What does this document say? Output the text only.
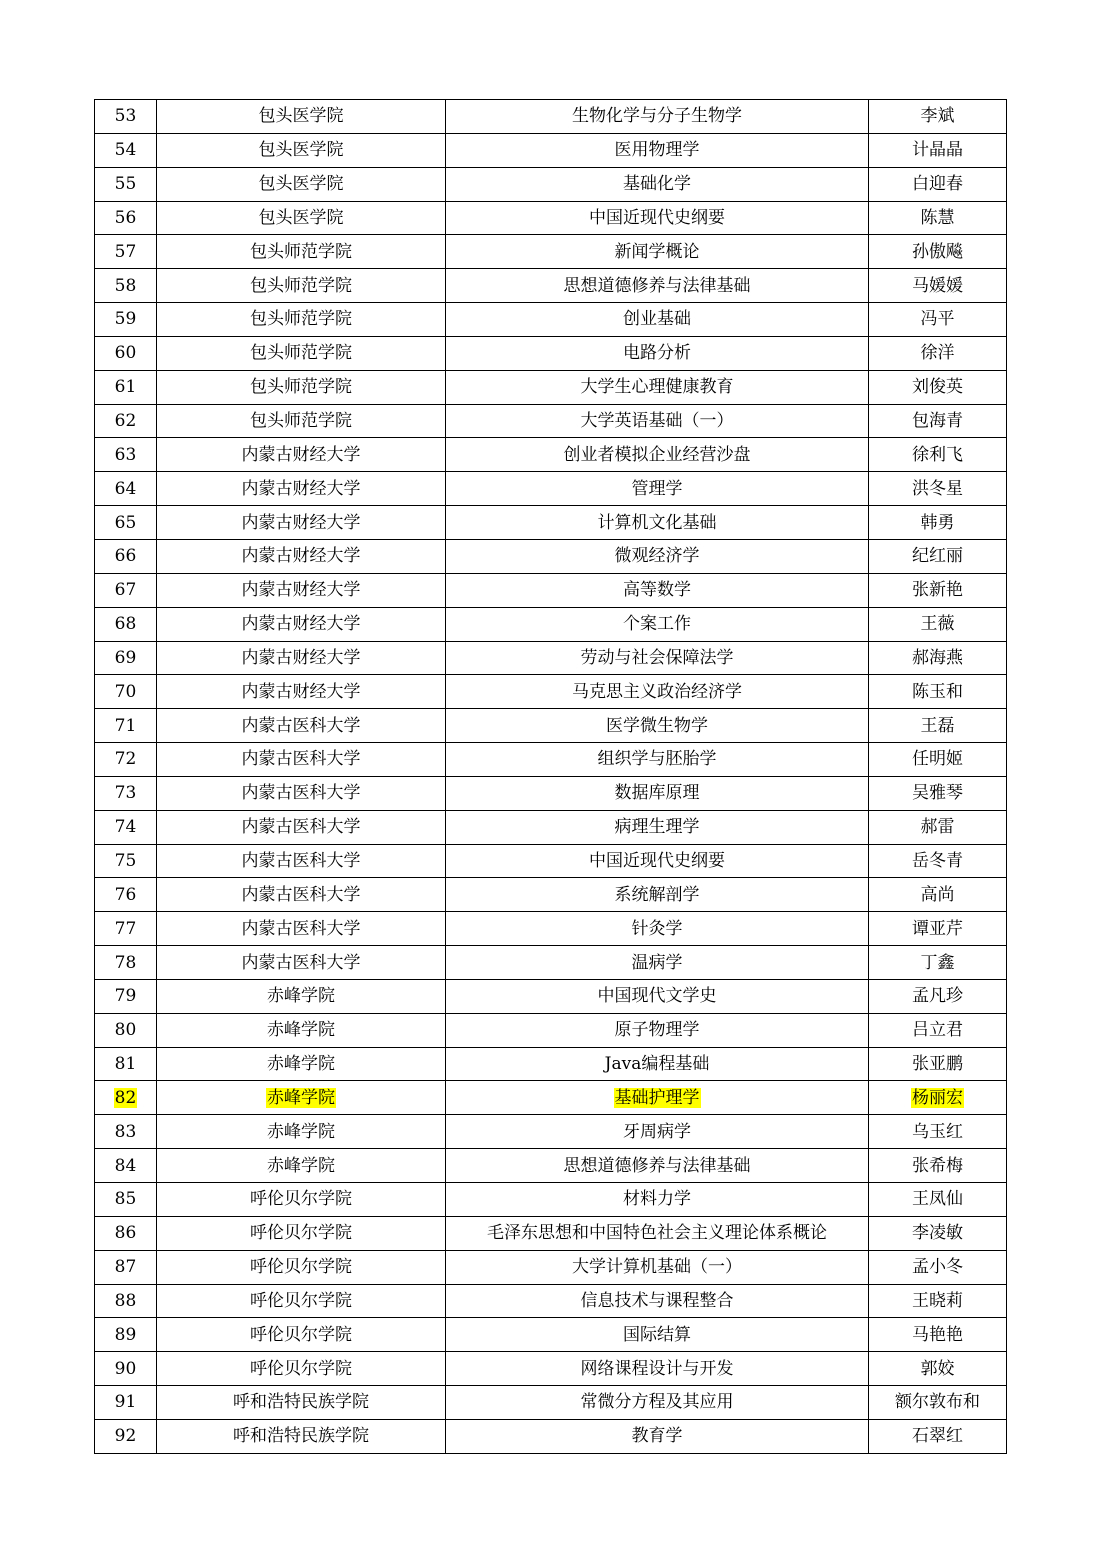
53	包头医学院	生物化学与分子生物学	李斌
54	包头医学院	医用物理学	计晶晶
55	包头医学院	基础化学	白迎春
56	包头医学院	中国近现代史纲要	陈慧
57	包头师范学院	新闻学概论	孙傲飚
58	包头师范学院	思想道德修养与法律基础	马媛媛
59	包头师范学院	创业基础	冯平
60	包头师范学院	电路分析	徐洋
61	包头师范学院	大学生心理健康教育	刘俊英
62	包头师范学院	大学英语基础（一）	包海青
63	内蒙古财经大学	创业者模拟企业经营沙盘	徐利飞
64	内蒙古财经大学	管理学	洪冬星
65	内蒙古财经大学	计算机文化基础	韩勇
66	内蒙古财经大学	微观经济学	纪红丽
67	内蒙古财经大学	高等数学	张新艳
68	内蒙古财经大学	个案工作	王薇
69	内蒙古财经大学	劳动与社会保障法学	郝海燕
70	内蒙古财经大学	马克思主义政治经济学	陈玉和
71	内蒙古医科大学	医学微生物学	王磊
72	内蒙古医科大学	组织学与胚胎学	任明姬
73	内蒙古医科大学	数据库原理	吴雅琴
74	内蒙古医科大学	病理生理学	郝雷
75	内蒙古医科大学	中国近现代史纲要	岳冬青
76	内蒙古医科大学	系统解剖学	高尚
77	内蒙古医科大学	针灸学	谭亚芹
78	内蒙古医科大学	温病学	丁鑫
79	赤峰学院	中国现代文学史	孟凡珍
80	赤峰学院	原子物理学	吕立君
81	赤峰学院	Java编程基础	张亚鹏
82	赤峰学院	基础护理学	杨丽宏
83	赤峰学院	牙周病学	乌玉红
84	赤峰学院	思想道德修养与法律基础	张希梅
85	呼伦贝尔学院	材料力学	王凤仙
86	呼伦贝尔学院	毛泽东思想和中国特色社会主义理论体系概论	李凌敏
87	呼伦贝尔学院	大学计算机基础（一）	孟小冬
88	呼伦贝尔学院	信息技术与课程整合	王晓莉
89	呼伦贝尔学院	国际结算	马艳艳
90	呼伦贝尔学院	网络课程设计与开发	郭姣
91	呼和浩特民族学院	常微分方程及其应用	额尔敦布和
92	呼和浩特民族学院	教育学	石翠红
